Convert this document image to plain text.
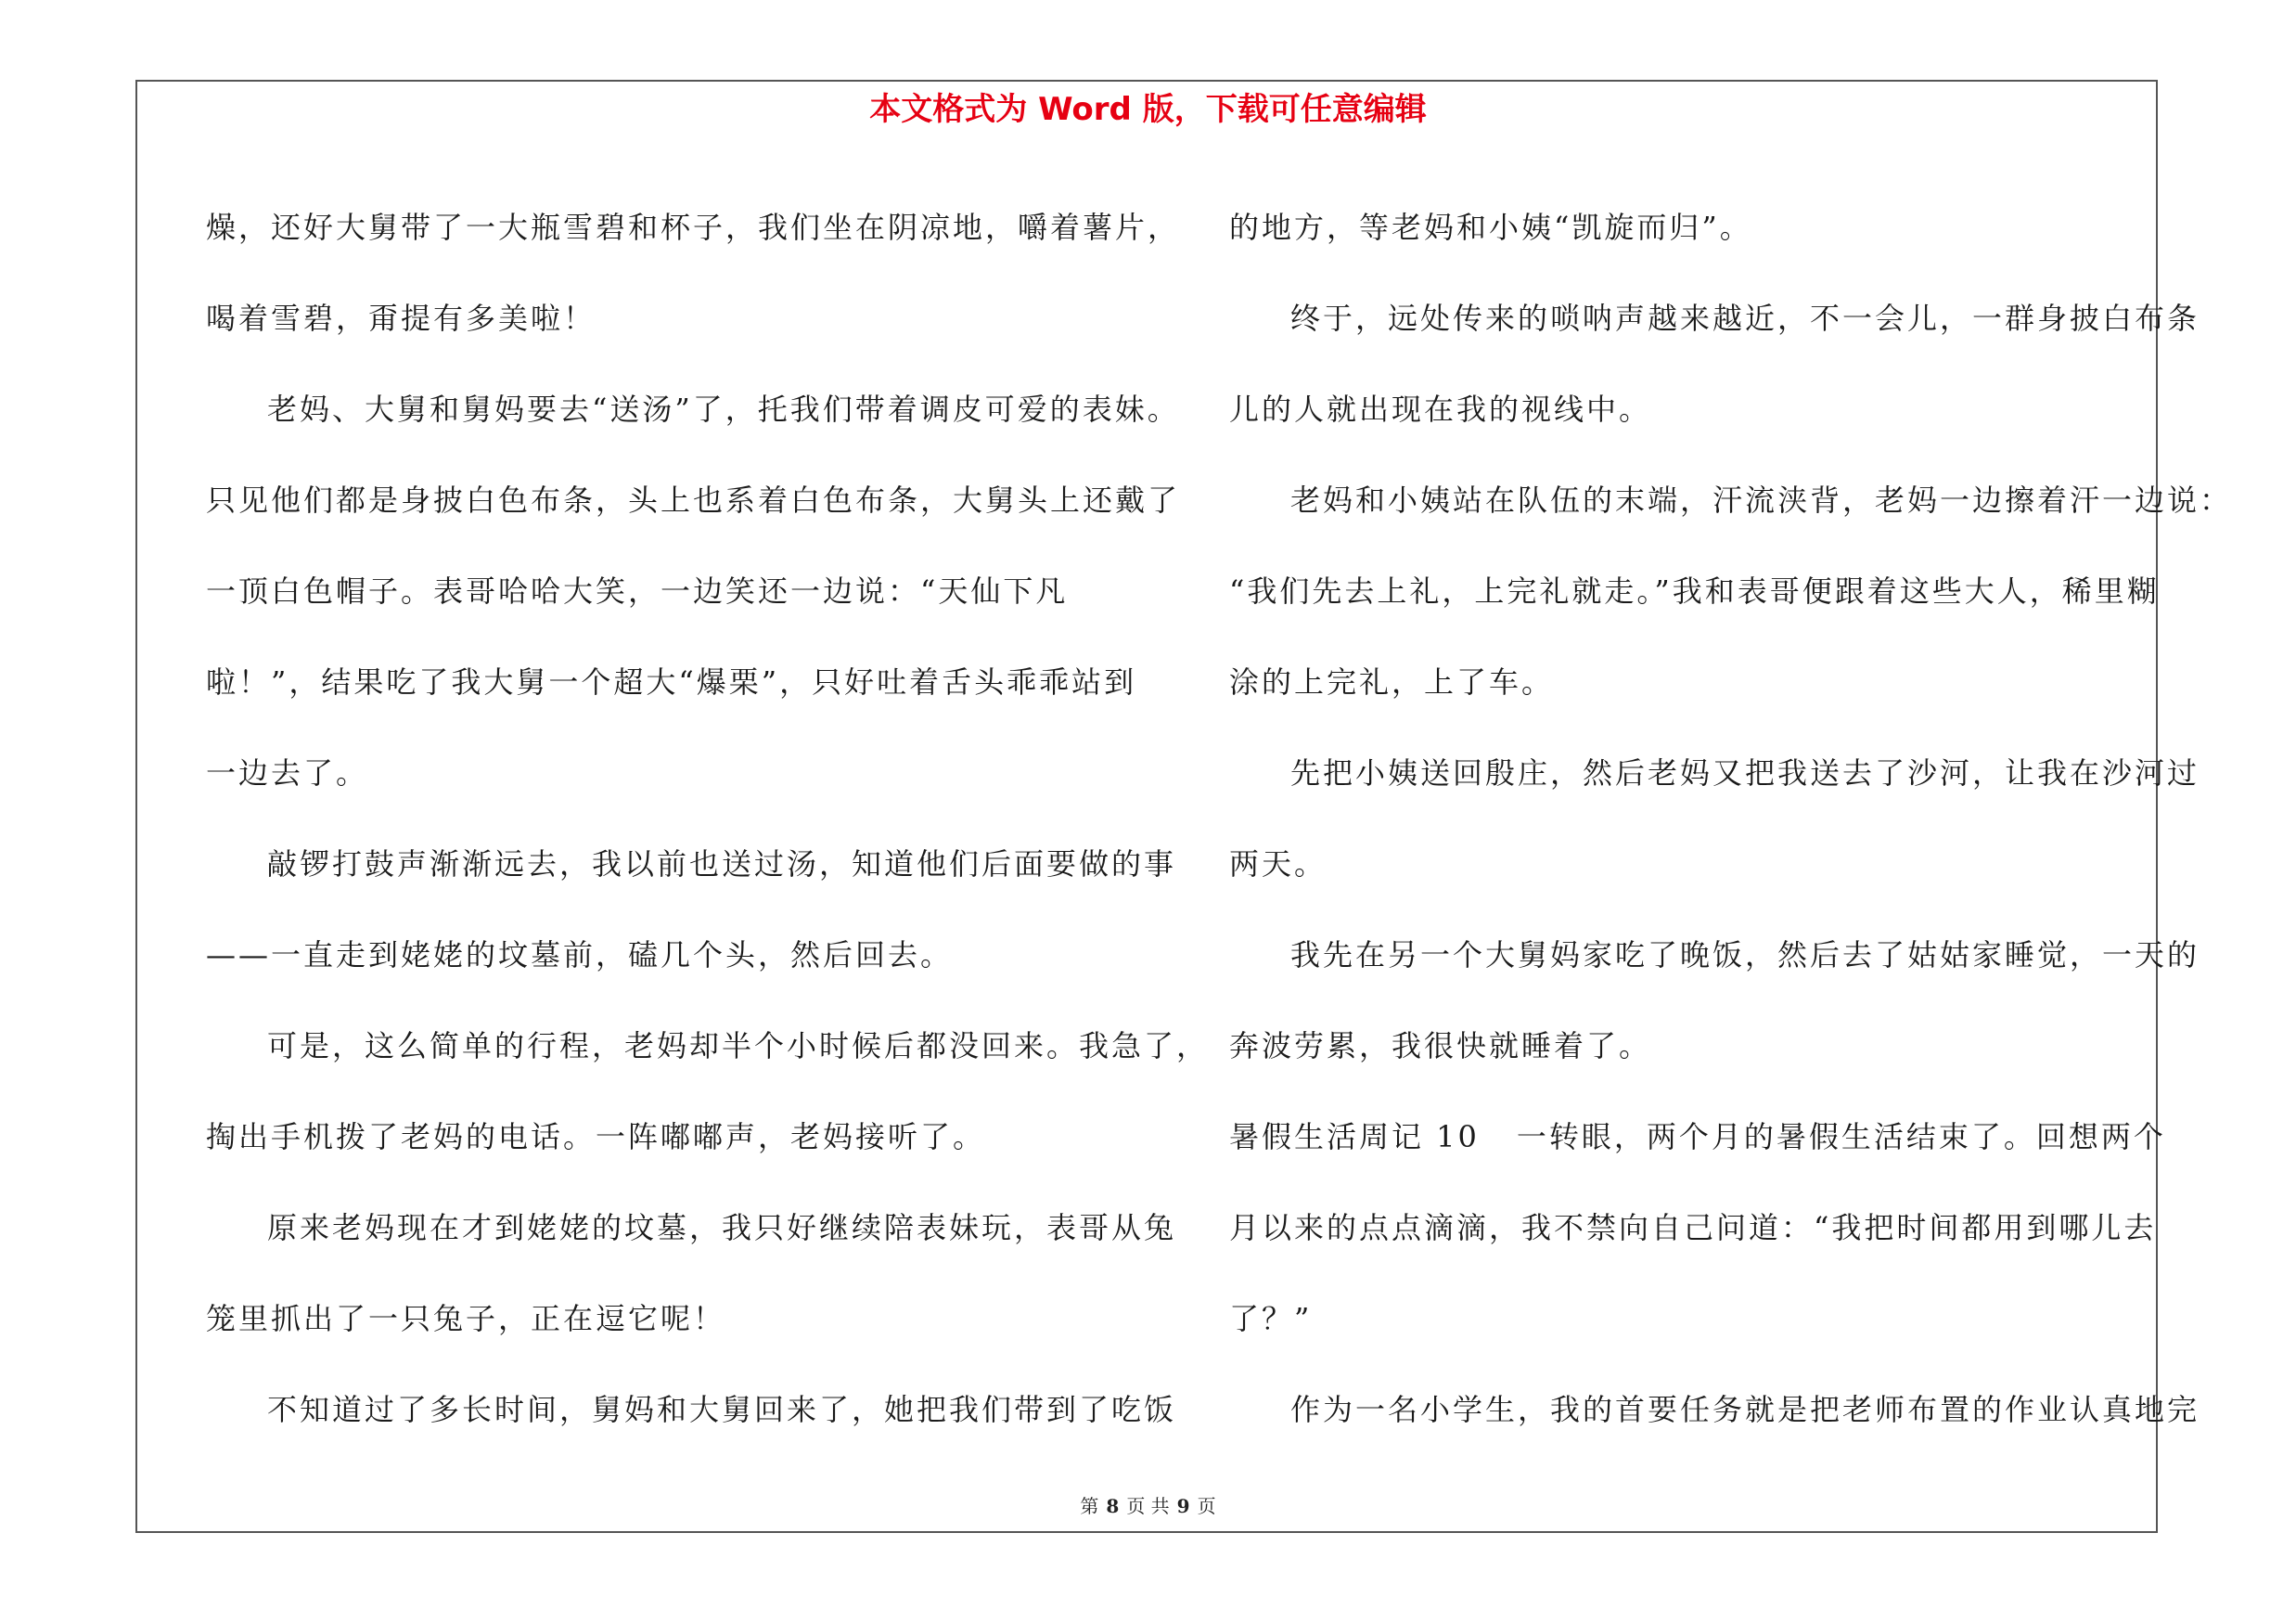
本文格式为 Word 版，下载可任意编辑
燥，还好大舅带了一大瓶雪碧和杯子，我们坐在阴凉地，嚼着薯片，
喝着雪碧，甭提有多美啦！
老妈、大舅和舅妈要去“送汤”了，托我们带着调皮可爱的表妹。
只见他们都是身披白色布条，头上也系着白色布条，大舅头上还戴了
一顶白色帽子。表哥哈哈大笑，一边笑还一边说：“天仙下凡
啦！”，结果吃了我大舅一个超大“爆栗”，只好吐着舌头乖乖站到
一边去了。
敲锣打鼓声渐渐远去，我以前也送过汤，知道他们后面要做的事
——一直走到姥姥的坟墓前，磕几个头，然后回去。
可是，这么简单的行程，老妈却半个小时候后都没回来。我急了，
掏出手机拨了老妈的电话。一阵嘟嘟声，老妈接听了。
原来老妈现在才到姥姥的坟墓，我只好继续陪表妹玩，表哥从兔
笼里抓出了一只兔子，正在逗它呢！
不知道过了多长时间，舅妈和大舅回来了，她把我们带到了吃饭
的地方，等老妈和小姨“凯旋而归”。
终于，远处传来的唢呐声越来越近，不一会儿，一群身披白布条
儿的人就出现在我的视线中。
老妈和小姨站在队伍的末端，汗流浃背，老妈一边擦着汗一边说：
“我们先去上礼，上完礼就走。”我和表哥便跟着这些大人，稀里糊
涂的上完礼，上了车。
先把小姨送回殷庄，然后老妈又把我送去了沙河，让我在沙河过
两天。
我先在另一个大舅妈家吃了晚饭，然后去了姑姑家睡觉，一天的
奔波劳累，我很快就睡着了。
暑假生活周记 10 一转眼，两个月的暑假生活结束了。回想两个
月以来的点点滴滴，我不禁向自己问道：“我把时间都用到哪儿去
了？”
作为一名小学生，我的首要任务就是把老师布置的作业认真地完
第 8 页 共 9 页
